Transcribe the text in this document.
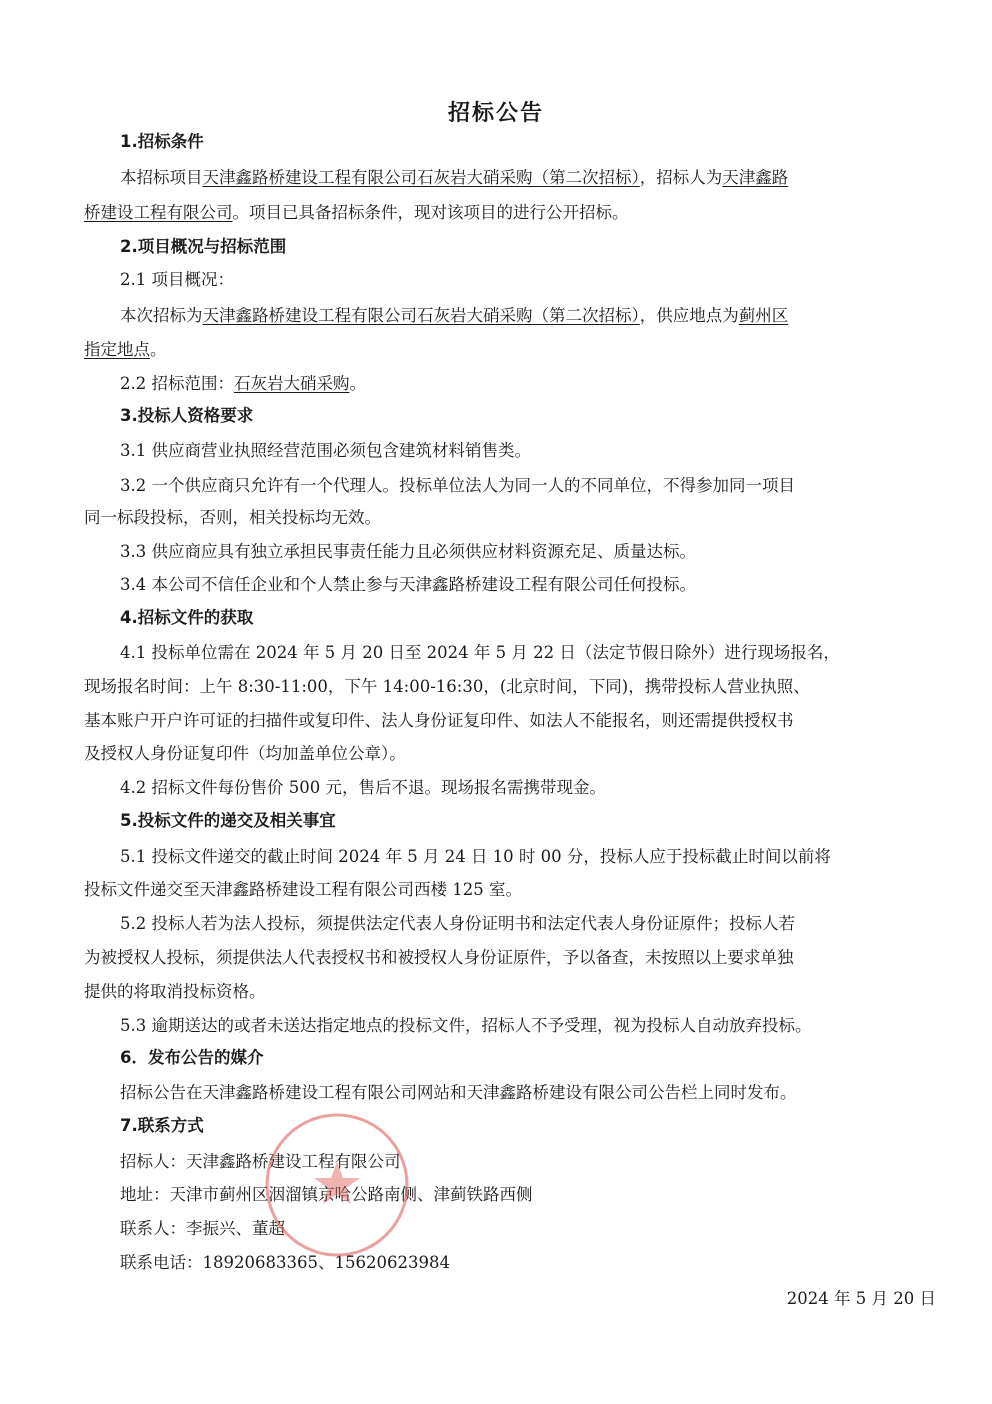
招标公告

1.招标条件

本招标项目天津鑫路桥建设工程有限公司石灰岩大硝采购（第二次招标），招标人为天津鑫路

桥建设工程有限公司。项目已具备招标条件，现对该项目的进行公开招标。

2.项目概况与招标范围

2.1 项目概况：

本次招标为天津鑫路桥建设工程有限公司石灰岩大硝采购（第二次招标），供应地点为蓟州区

指定地点。

2.2 招标范围：石灰岩大硝采购。

3.投标人资格要求

3.1 供应商营业执照经营范围必须包含建筑材料销售类。

3.2 一个供应商只允许有一个代理人。投标单位法人为同一人的不同单位，不得参加同一项目

同一标段投标，否则，相关投标均无效。

3.3 供应商应具有独立承担民事责任能力且必须供应材料资源充足、质量达标。

3.4 本公司不信任企业和个人禁止参与天津鑫路桥建设工程有限公司任何投标。

4.招标文件的获取

4.1 投标单位需在 2024 年 5 月 20 日至 2024 年 5 月 22 日（法定节假日除外）进行现场报名，

现场报名时间：上午 8:30-11:00，下午 14:00-16:30，(北京时间，下同)，携带投标人营业执照、

基本账户开户许可证的扫描件或复印件、法人身份证复印件、如法人不能报名，则还需提供授权书

及授权人身份证复印件（均加盖单位公章）。

4.2 招标文件每份售价 500 元，售后不退。现场报名需携带现金。

5.投标文件的递交及相关事宜

5.1 投标文件递交的截止时间 2024 年 5 月 24 日 10 时 00 分，投标人应于投标截止时间以前将

投标文件递交至天津鑫路桥建设工程有限公司西楼 125 室。

5.2 投标人若为法人投标，须提供法定代表人身份证明书和法定代表人身份证原件；投标人若

为被授权人投标，须提供法人代表授权书和被授权人身份证原件，予以备查，未按照以上要求单独

提供的将取消投标资格。

5.3 逾期送达的或者未送达指定地点的投标文件，招标人不予受理，视为投标人自动放弃投标。

6．发布公告的媒介

招标公告在天津鑫路桥建设工程有限公司网站和天津鑫路桥建设有限公司公告栏上同时发布。

7.联系方式

招标人：天津鑫路桥建设工程有限公司

地址：天津市蓟州区洇溜镇京哈公路南侧、津蓟铁路西侧

联系人：李振兴、董超

联系电话：18920683365、15620623984

2024 年 5 月 20 日
